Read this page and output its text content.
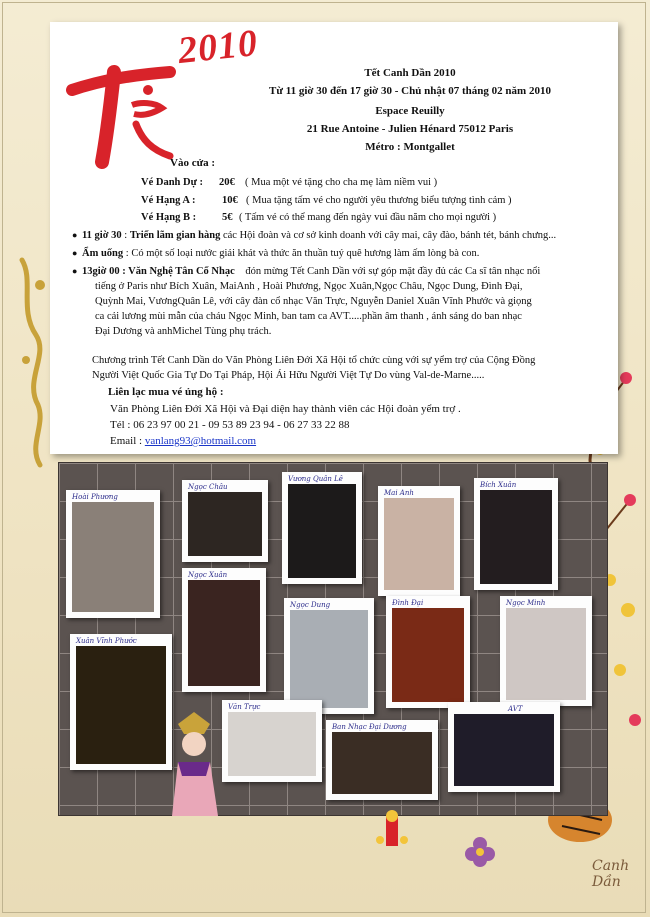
Canh Dần
2010
Tết Canh Dần 2010
Từ 11 giờ 30 đến 17 giờ 30 - Chủ nhật 07 tháng 02 năm 2010
Espace Reuilly
21 Rue Antoine - Julien Hénard 75012 Paris
Métro : Montgallet
Vào cửa :
Vé Danh Dự : 20€ ( Mua một vé tặng cho cha mẹ làm niềm vui )
Vé Hạng A :	10€ ( Mua tặng tấm vé cho người yêu thương biểu tượng tình cảm )
Vé Hạng B : 5€ ( Tấm vé có thể mang đến ngày vui đầu năm cho mọi người )
● 11 giờ 30 : Triển lãm gian hàng các Hội đoàn và cơ sở kinh doanh với cây mai, cây đào, bánh tét, bánh chưng...
● Ẩm uống : Có một số loại nước giải khát và thức ăn thuần tuý quê hương làm ấm lòng bà con.
● 13giờ 00 : Văn Nghệ Tân Cổ Nhạc đón mừng Tết Canh Dần với sự góp mặt đầy đủ các Ca sĩ tân nhạc nổi
tiếng ở Paris như Bích Xuân, MaiAnh , Hoài Phương, Ngọc Xuân,Ngọc Châu, Ngọc Dung, Đình Đại,
Quỳnh Mai, VươngQuân Lê, với cây đàn cổ nhạc Văn Trực, Nguyễn Daniel Xuân Vĩnh Phước và giọng
ca cải lương mùi mẫn của cháu Ngọc Minh, ban tam ca AVT.....phần âm thanh , ánh sáng do ban nhạc
Đại Dương và anhMichel Tùng phụ trách.
Chương trình Tết Canh Dần do Văn Phòng Liên Đới Xã Hội tổ chức cùng với sự yểm trợ của Cộng Đồng
Người Việt Quốc Gia Tự Do Tại Pháp, Hội Ái Hữu Người Việt Tự Do vùng Val-de-Marne.....
Liên lạc mua vé ủng hộ :
Văn Phòng Liên Đới Xã Hội và Đại diện hay thành viên các Hội đoàn yểm trợ .
Tél : 06 23 97 00 21 - 09 53 89 23 94 - 06 27 33 22 88
Email : vanlang93@hotmail.com
Hoài Phương
Ngọc Châu
Vương Quân Lê
Mai Anh
Bích Xuân
Ngọc Xuân
Ngọc Dung	Đình Đại	Ngọc Minh
Xuân Vĩnh Phước
Văn Trực
Ban Nhạc Đại Dương
AVT
